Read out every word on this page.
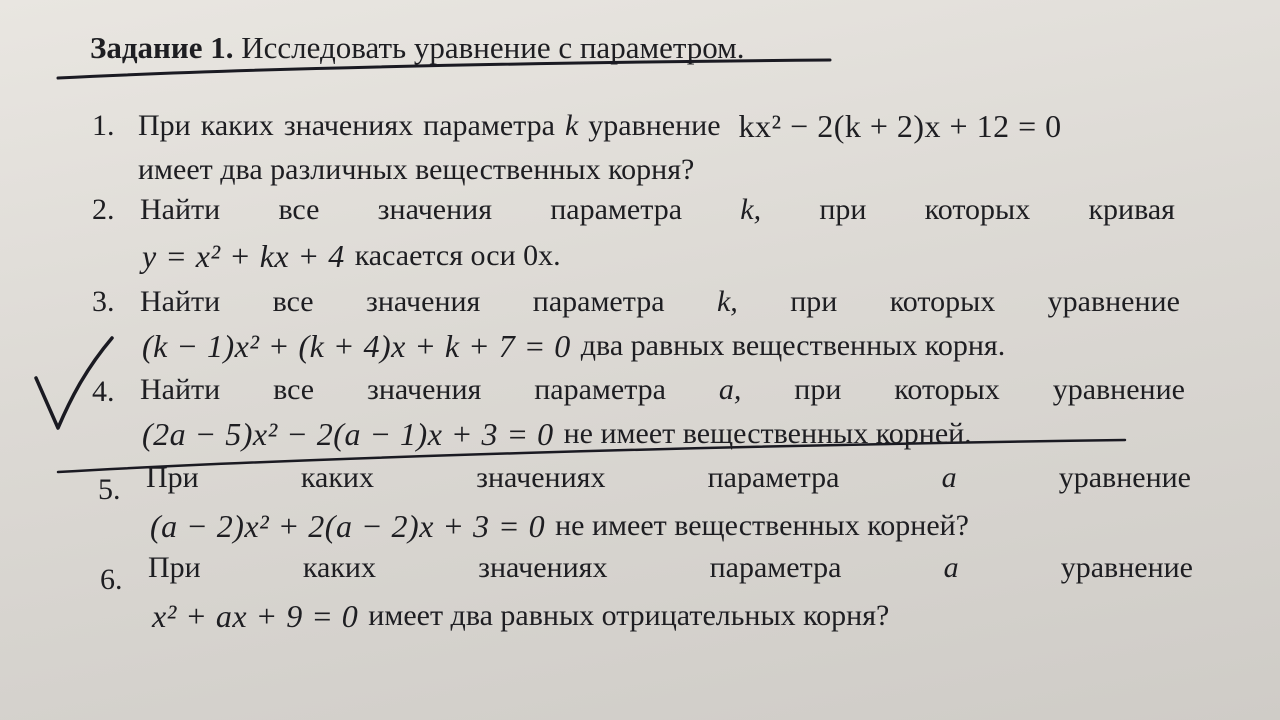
Задание 1. Исследовать уравнение с параметром.
1. При каких значениях параметра k уравнение kx² − 2(k + 2)x + 12 = 0
имеет два различных вещественных корня?
2. Найти все значения параметра k, при которых кривая
y = x² + kx + 4 касается оси 0x.
3. Найти все значения параметра k, при которых уравнение
(k − 1)x² + (k + 4)x + k + 7 = 0 два равных вещественных корня.
4. Найти все значения параметра a, при которых уравнение
(2a − 5)x² − 2(a − 1)x + 3 = 0 не имеет вещественных корней.
5. При	каких	значениях	параметра	a	уравнение
(a − 2)x² + 2(a − 2)x + 3 = 0 не имеет вещественных корней?
6. При	каких	значениях	параметра	a	уравнение
x² + ax + 9 = 0 имеет два равных отрицательных корня?
